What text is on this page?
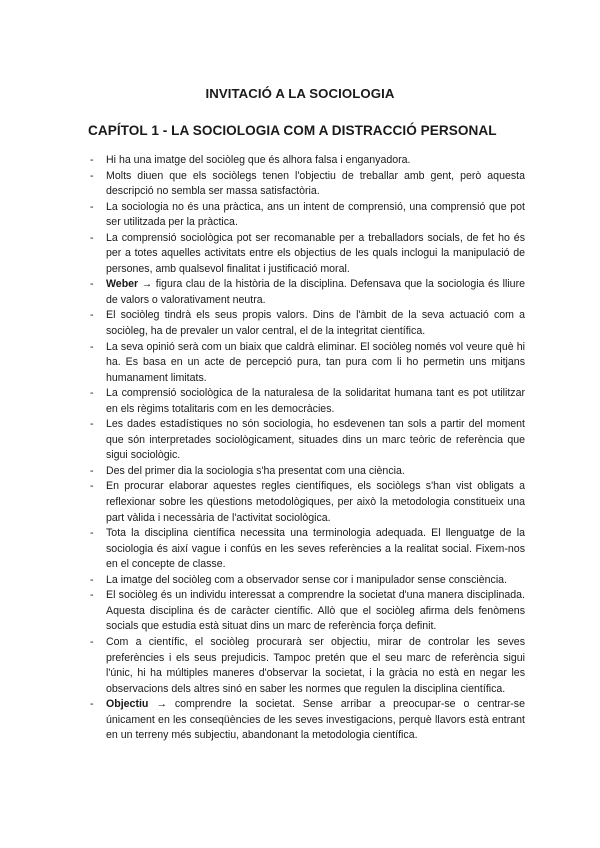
INVITACIÓ A LA SOCIOLOGIA
CAPÍTOL 1 - LA SOCIOLOGIA COM A DISTRACCIÓ PERSONAL
- Hi ha una imatge del sociòleg que és alhora falsa i enganyadora.
- Molts diuen que els sociòlegs tenen l'objectiu de treballar amb gent, però aquesta descripció no sembla ser massa satisfactòria.
- La sociologia no és una pràctica, ans un intent de comprensió, una comprensió que pot ser utilitzada per la pràctica.
- La comprensió sociològica pot ser recomanable per a treballadors socials, de fet ho és per a totes aquelles activitats entre els objectius de les quals inclogui la manipulació de persones, amb qualsevol finalitat i justificació moral.
- Weber → figura clau de la història de la disciplina. Defensava que la sociologia és lliure de valors o valorativament neutra.
- El sociòleg tindrà els seus propis valors. Dins de l'àmbit de la seva actuació com a sociòleg, ha de prevaler un valor central, el de la integritat científica.
- La seva opinió serà com un biaix que caldrà eliminar. El sociòleg només vol veure què hi ha. Es basa en un acte de percepció pura, tan pura com li ho permetin uns mitjans humanament limitats.
- La comprensió sociològica de la naturalesa de la solidaritat humana tant es pot utilitzar en els règims totalitaris com en les democràcies.
- Les dades estadístiques no són sociologia, ho esdevenen tan sols a partir del moment que són interpretades sociològicament, situades dins un marc teòric de referència que sigui sociològic.
- Des del primer dia la sociologia s'ha presentat com una ciència.
- En procurar elaborar aquestes regles científiques, els sociòlegs s'han vist obligats a reflexionar sobre les qüestions metodològiques, per això la metodologia constitueix una part vàlida i necessària de l'activitat sociològica.
- Tota la disciplina científica necessita una terminologia adequada. El llenguatge de la sociologia és així vague i confús en les seves referències a la realitat social. Fixem-nos en el concepte de classe.
- La imatge del sociòleg com a observador sense cor i manipulador sense consciència.
- El sociòleg és un individu interessat a comprendre la societat d'una manera disciplinada. Aquesta disciplina és de caràcter científic. Allò que el sociòleg afirma dels fenòmens socials que estudia està situat dins un marc de referència força definit.
- Com a científic, el sociòleg procurarà ser objectiu, mirar de controlar les seves preferències i els seus prejudicis. Tampoc pretén que el seu marc de referència sigui l'únic, hi ha múltiples maneres d'observar la societat, i la gràcia no està en negar les observacions dels altres sinó en saber les normes que regulen la disciplina científica.
- Objectiu → comprendre la societat. Sense arribar a preocupar-se o centrar-se únicament en les conseqüències de les seves investigacions, perquè llavors està entrant en un terreny més subjectiu, abandonant la metodologia científica.
